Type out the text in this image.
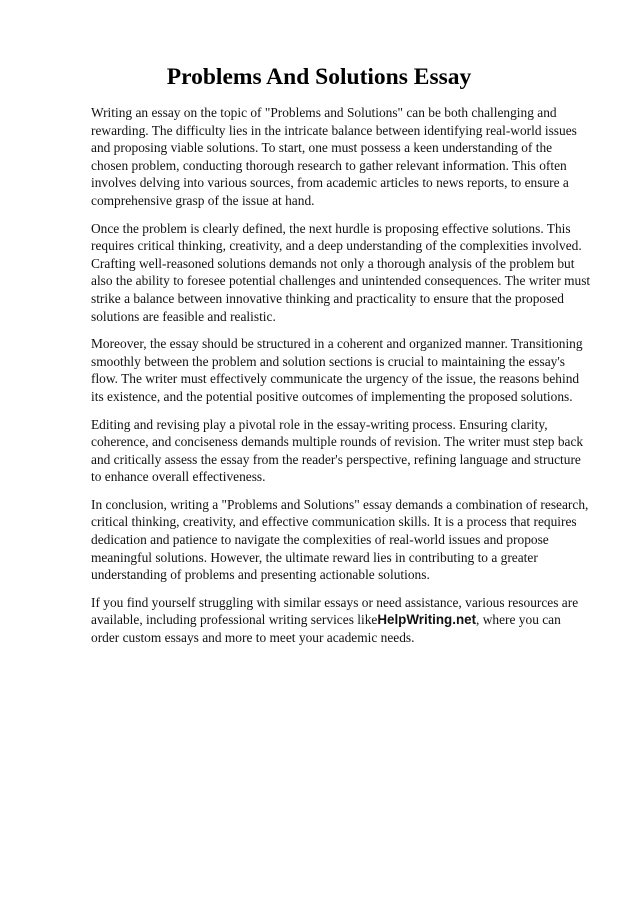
Problems And Solutions Essay

Writing an essay on the topic of "Problems and Solutions" can be both challenging and rewarding. The difficulty lies in the intricate balance between identifying real-world issues and proposing viable solutions. To start, one must possess a keen understanding of the chosen problem, conducting thorough research to gather relevant information. This often involves delving into various sources, from academic articles to news reports, to ensure a comprehensive grasp of the issue at hand.

Once the problem is clearly defined, the next hurdle is proposing effective solutions. This requires critical thinking, creativity, and a deep understanding of the complexities involved. Crafting well-reasoned solutions demands not only a thorough analysis of the problem but also the ability to foresee potential challenges and unintended consequences. The writer must strike a balance between innovative thinking and practicality to ensure that the proposed solutions are feasible and realistic.

Moreover, the essay should be structured in a coherent and organized manner. Transitioning smoothly between the problem and solution sections is crucial to maintaining the essay's flow. The writer must effectively communicate the urgency of the issue, the reasons behind its existence, and the potential positive outcomes of implementing the proposed solutions.

Editing and revising play a pivotal role in the essay-writing process. Ensuring clarity, coherence, and conciseness demands multiple rounds of revision. The writer must step back and critically assess the essay from the reader's perspective, refining language and structure to enhance overall effectiveness.

In conclusion, writing a "Problems and Solutions" essay demands a combination of research, critical thinking, creativity, and effective communication skills. It is a process that requires dedication and patience to navigate the complexities of real-world issues and propose meaningful solutions. However, the ultimate reward lies in contributing to a greater understanding of problems and presenting actionable solutions.

If you find yourself struggling with similar essays or need assistance, various resources are available, including professional writing services likeHelpWriting.net, where you can order custom essays and more to meet your academic needs.
